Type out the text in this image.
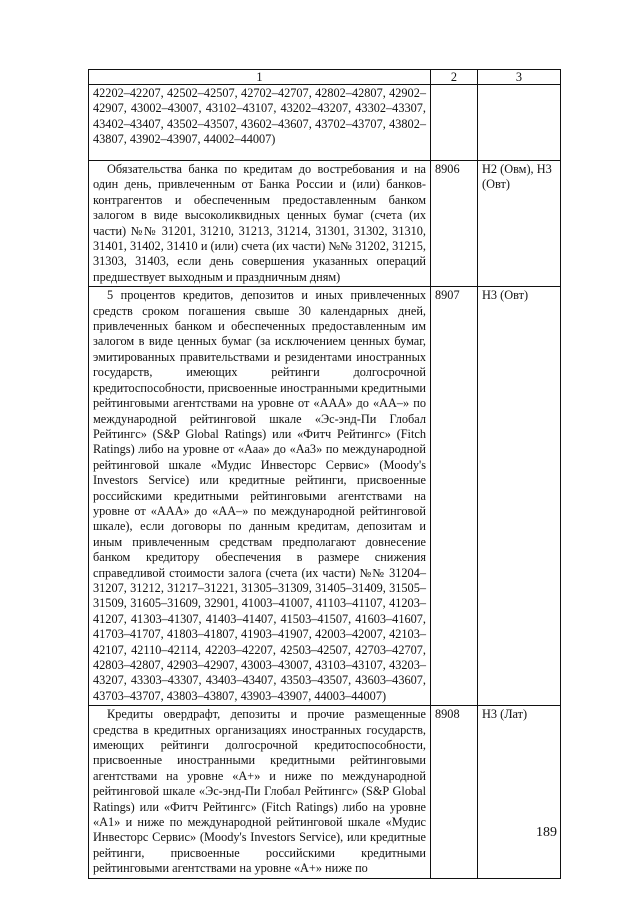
1	2	3
42202–42207, 42502–42507, 42702–42707, 42802–42807, 42902–42907, 43002–43007, 43102–43107, 43202–43207, 43302–43307, 43402–43407, 43502–43507, 43602–43607, 43702–43707, 43802–43807, 43902–43907, 44002–44007)		
Обязательства банка по кредитам до востребования и на один день, привлеченным от Банка России и (или) банков-контрагентов и обеспеченным предоставленным банком залогом в виде высоколиквидных ценных бумаг (счета (их части) №№ 31201, 31210, 31213, 31214, 31301, 31302, 31310, 31401, 31402, 31410 и (или) счета (их части) №№ 31202, 31215, 31303, 31403, если день совершения указанных операций предшествует выходным и праздничным дням)	8906	Н2 (Овм), Н3 (Овт)
5 процентов кредитов, депозитов и иных привлеченных средств сроком погашения свыше 30 календарных дней, привлеченных банком и обеспеченных предоставленным им залогом в виде ценных бумаг (за исключением ценных бумаг, эмитированных правительствами и резидентами иностранных государств, имеющих рейтинги долгосрочной кредитоспособности, присвоенные иностранными кредитными рейтинговыми агентствами на уровне от «ААА» до «АА–» по международной рейтинговой шкале «Эс-энд-Пи Глобал Рейтингс» (S&P Global Ratings) или «Фитч Рейтингс» (Fitch Ratings) либо на уровне от «Ааа» до «Аа3» по международной рейтинговой шкале «Мудис Инвесторс Сервис» (Moody's Investors Service) или кредитные рейтинги, присвоенные российскими кредитными рейтинговыми агентствами на уровне от «ААА» до «АА–» по международной рейтинговой шкале), если договоры по данным кредитам, депозитам и иным привлеченным средствам предполагают довнесение банком кредитору обеспечения в размере снижения справедливой стоимости залога (счета (их части) №№ 31204–31207, 31212, 31217–31221, 31305–31309, 31405–31409, 31505–31509, 31605–31609, 32901, 41003–41007, 41103–41107, 41203–41207, 41303–41307, 41403–41407, 41503–41507, 41603–41607, 41703–41707, 41803–41807, 41903–41907, 42003–42007, 42103–42107, 42110–42114, 42203–42207, 42503–42507, 42703–42707, 42803–42807, 42903–42907, 43003–43007, 43103–43107, 43203–43207, 43303–43307, 43403–43407, 43503–43507, 43603–43607, 43703–43707, 43803–43807, 43903–43907, 44003–44007)	8907	Н3 (Овт)
Кредиты овердрафт, депозиты и прочие размещенные средства в кредитных организациях иностранных государств, имеющих рейтинги долгосрочной кредитоспособности, присвоенные иностранными кредитными рейтинговыми агентствами на уровне «А+» и ниже по международной рейтинговой шкале «Эс-энд-Пи Глобал Рейтингс» (S&P Global Ratings) или «Фитч Рейтингс» (Fitch Ratings) либо на уровне «А1» и ниже по международной рейтинговой шкале «Мудис Инвесторс Сервис» (Moody's Investors Service), или кредитные рейтинги, присвоенные российскими кредитными рейтинговыми агентствами на уровне «А+» ниже по	8908	Н3 (Лат)
189
